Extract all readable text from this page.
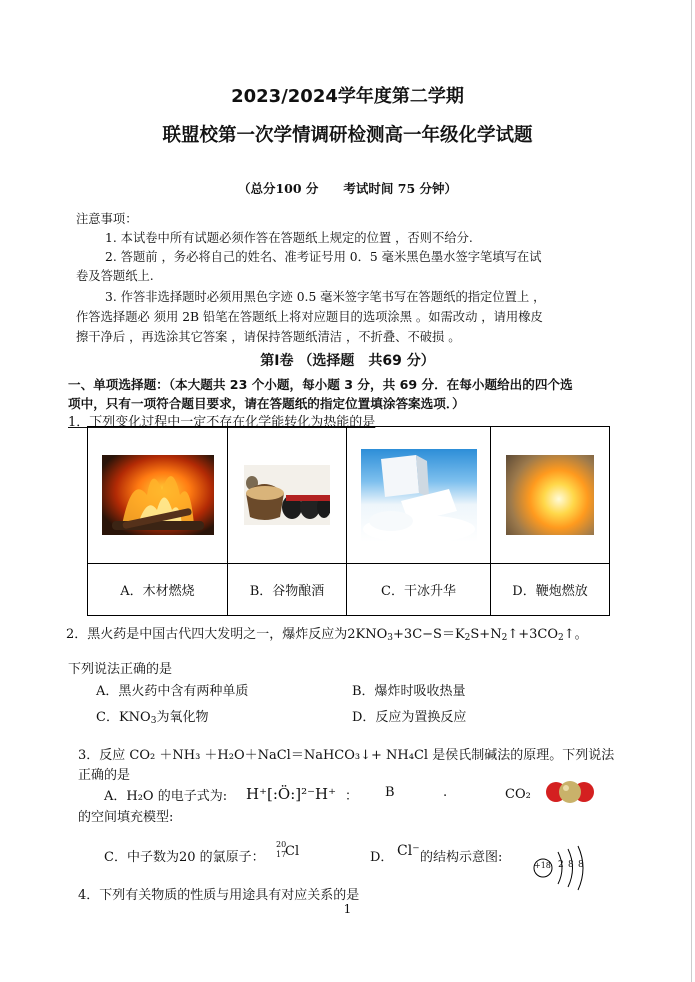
2023/2024学年度第二学期
联盟校第一次学情调研检测高一年级化学试题
（总分100 分　　考试时间 75 分钟）
注意事项：
1. 本试卷中所有试题必须作答在答题纸上规定的位置 ，否则不给分.
2. 答题前 ，务必将自己的姓名、准考证号用 0．5 毫米黑色墨水签字笔填写在试
卷及答题纸上.
3. 作答非选择题时必须用黑色字迹 0.5 毫米签字笔书写在答题纸的指定位置上 ，
作答选择题必 须用 2B 铅笔在答题纸上将对应题目的选项涂黑 。如需改动 ，请用橡皮
擦干净后 ，再选涂其它答案 ，请保持答题纸清洁 ，不折叠、不破损 。
第Ⅰ卷 （选择题　共69 分）
一、单项选择题：（本大题共 23 个小题，每小题 3 分，共 69 分．在每小题给出的四个选
项中，只有一项符合题目要求，请在答题纸的指定位置填涂答案选项．）
1．下列变化过程中一定不存在化学能转化为热能的是

A．木材燃烧	B．谷物酿酒	C．干冰升华	D．鞭炮燃放
2．黑火药是中国古代四大发明之一，爆炸反应为$2KNO_3+3C-S=K_2S+N_2↑+3CO_2↑$。
下列说法正确的是
A．黑火药中含有两种单质	B．爆炸时吸收热量
C．$KNO_3$为氧化物	D．反应为置换反应
3．反应 CO₂ ＋NH₃ ＋H₂O＋NaCl＝NaHCO₃↓+ NH₄Cl 是侯氏制碱法的原理。下列说法
正确的是
A．H₂O 的电子式为: H⁺[:Ö:]²⁻H⁺ ： B	.	CO₂
的空间填充模型:
C．中子数为20 的氯原子：
20
17
Cl	D． Cl⁻ 的结构示意图:
+18 2 8 8
4．下列有关物质的性质与用途具有对应关系的是
1
